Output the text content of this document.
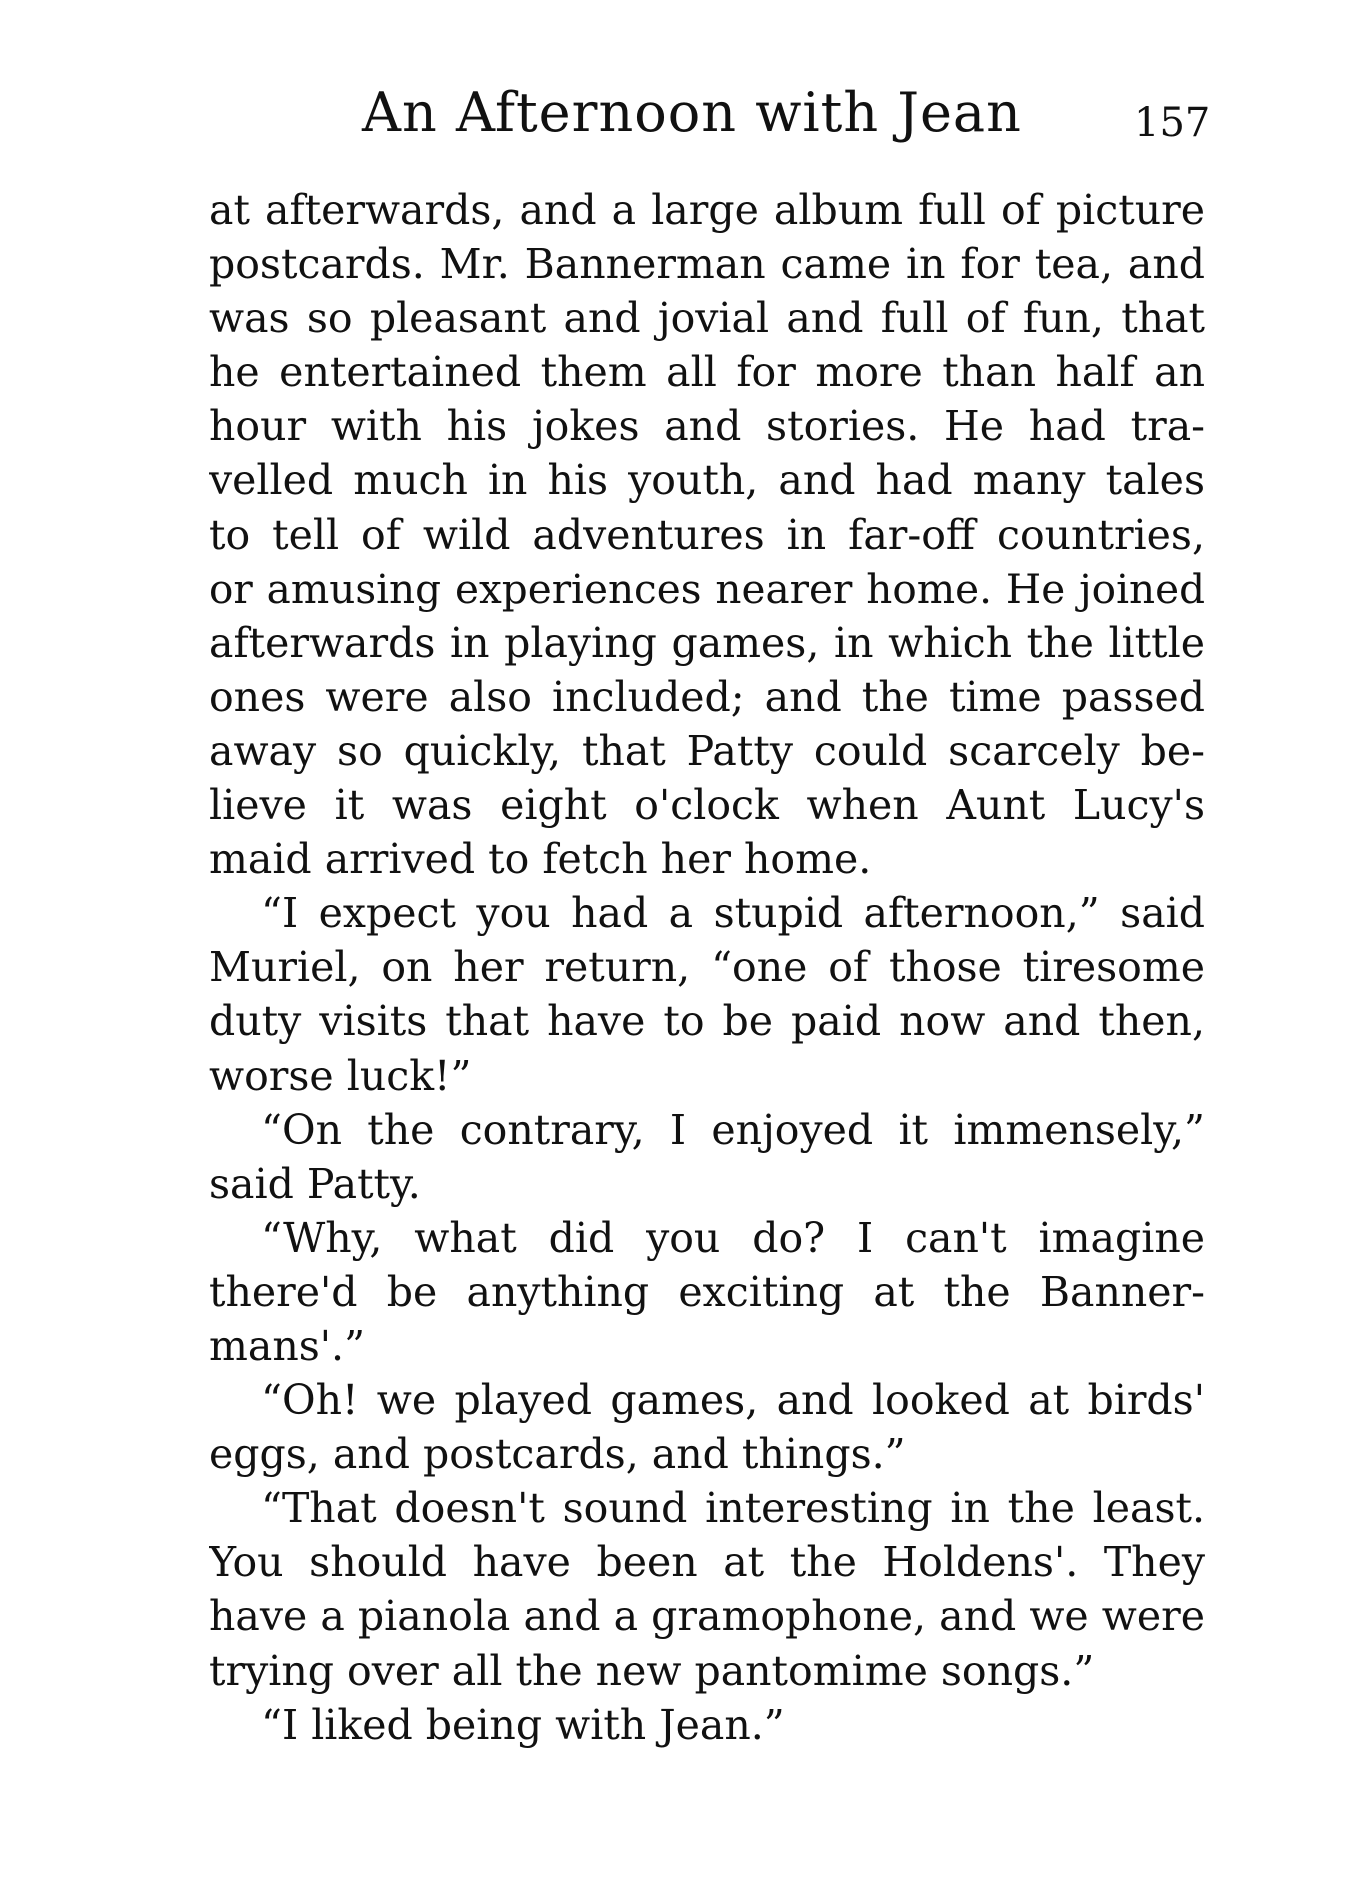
An Afternoon with Jean	157
at afterwards, and a large album full of picture
postcards. Mr. Bannerman came in for tea, and
was so pleasant and jovial and full of fun, that
he entertained them all for more than half an
hour with his jokes and stories. He had tra-
velled much in his youth, and had many tales
to tell of wild adventures in far-off countries,
or amusing experiences nearer home. He joined
afterwards in playing games, in which the little
ones were also included; and the time passed
away so quickly, that Patty could scarcely be-
lieve it was eight o'clock when Aunt Lucy's
maid arrived to fetch her home.
“I expect you had a stupid afternoon,” said
Muriel, on her return, “one of those tiresome
duty visits that have to be paid now and then,
worse luck!”
“On the contrary, I enjoyed it immensely,”
said Patty.
“Why, what did you do? I can't imagine
there'd be anything exciting at the Banner-
mans'.”
“Oh! we played games, and looked at birds'
eggs, and postcards, and things.”
“That doesn't sound interesting in the least.
You should have been at the Holdens'. They
have a pianola and a gramophone, and we were
trying over all the new pantomime songs.”
“I liked being with Jean.”
